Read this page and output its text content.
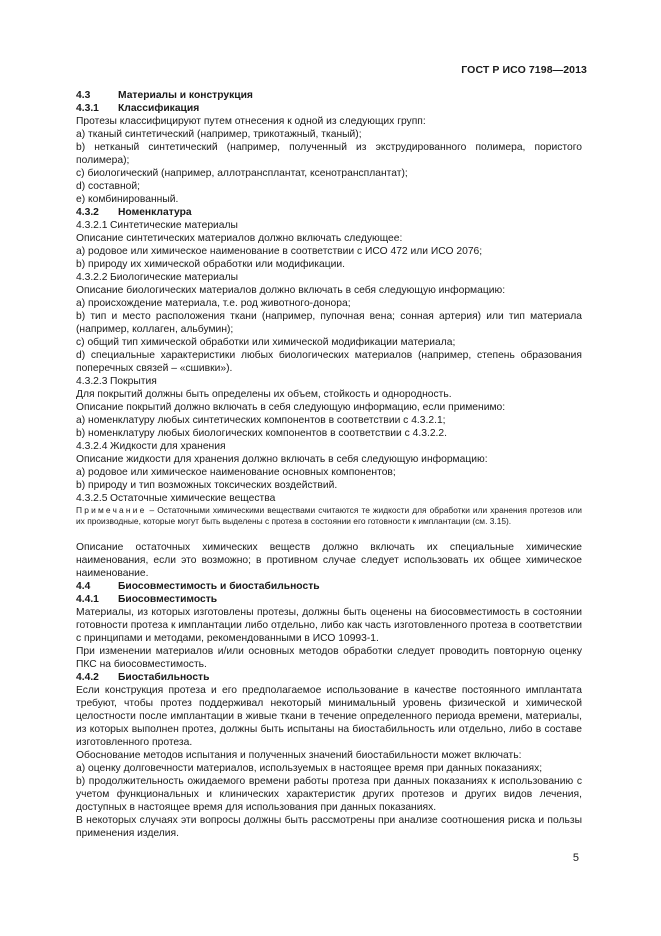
ГОСТ Р ИСО 7198—2013

4.3	Материалы и конструкция

4.3.1 Классификация

Протезы классифицируют путем отнесения к одной из следующих групп:

a) тканый синтетический (например, трикотажный, тканый);

b) нетканый синтетический (например, полученный из экструдированного полимера, пористого полимера);

c) биологический (например, аллотрансплантат, ксенотрансплантат);

d) составной;

e) комбинированный.

4.3.2 Номенклатура

4.3.2.1 Синтетические материалы

Описание синтетических материалов должно включать следующее:

a) родовое или химическое наименование в соответствии с ИСО 472 или ИСО 2076;

b) природу их химической обработки или модификации.

4.3.2.2 Биологические материалы

Описание биологических материалов должно включать в себя следующую информацию:

a) происхождение материала, т.е. род животного-донора;

b) тип и место расположения ткани (например, пупочная вена; сонная артерия) или тип материала (например, коллаген, альбумин);

c) общий тип химической обработки или химической модификации материала;

d) специальные характеристики любых биологических материалов (например, степень образования поперечных связей – «сшивки»).

4.3.2.3 Покрытия

Для покрытий должны быть определены их объем, стойкость и однородность.

Описание покрытий должно включать в себя следующую информацию, если применимо:

a) номенклатуру любых синтетических компонентов в соответствии с 4.3.2.1;

b) номенклатуру любых биологических компонентов в соответствии с 4.3.2.2.

4.3.2.4 Жидкости для хранения

Описание жидкости для хранения должно включать в себя следующую информацию:

a) родовое или химическое наименование основных компонентов;

b) природу и тип возможных токсических воздействий.

4.3.2.5 Остаточные химические вещества

Примечание – Остаточными химическими веществами считаются те жидкости для обработки или хранения протезов или их производные, которые могут быть выделены с протеза в состоянии его готовности к имплантации (см. 3.15).

Описание остаточных химических веществ должно включать их специальные химические наименования, если это возможно; в противном случае следует использовать их общее химическое наименование.

4.4	Биосовместимость и биостабильность

4.4.1 Биосовместимость

Материалы, из которых изготовлены протезы, должны быть оценены на биосовместимость в состоянии готовности протеза к имплантации либо отдельно, либо как часть изготовленного протеза в соответствии с принципами и методами, рекомендованными в ИСО 10993-1.

При изменении материалов и/или основных методов обработки следует проводить повторную оценку ПКС на биосовместимость.

4.4.2 Биостабильность

Если конструкция протеза и его предполагаемое использование в качестве постоянного имплантата требуют, чтобы протез поддерживал некоторый минимальный уровень физической и химической целостности после имплантации в живые ткани в течение определенного периода времени, материалы, из которых выполнен протез, должны быть испытаны на биостабильность или отдельно, либо в составе изготовленного протеза.

Обоснование методов испытания и полученных значений биостабильности может включать:

a) оценку долговечности материалов, используемых в настоящее время при данных показаниях;

b) продолжительность ожидаемого времени работы протеза при данных показаниях к использованию с учетом функциональных и клинических характеристик других протезов и других видов лечения, доступных в настоящее время для использования при данных показаниях.

В некоторых случаях эти вопросы должны быть рассмотрены при анализе соотношения риска и пользы применения изделия.

5
